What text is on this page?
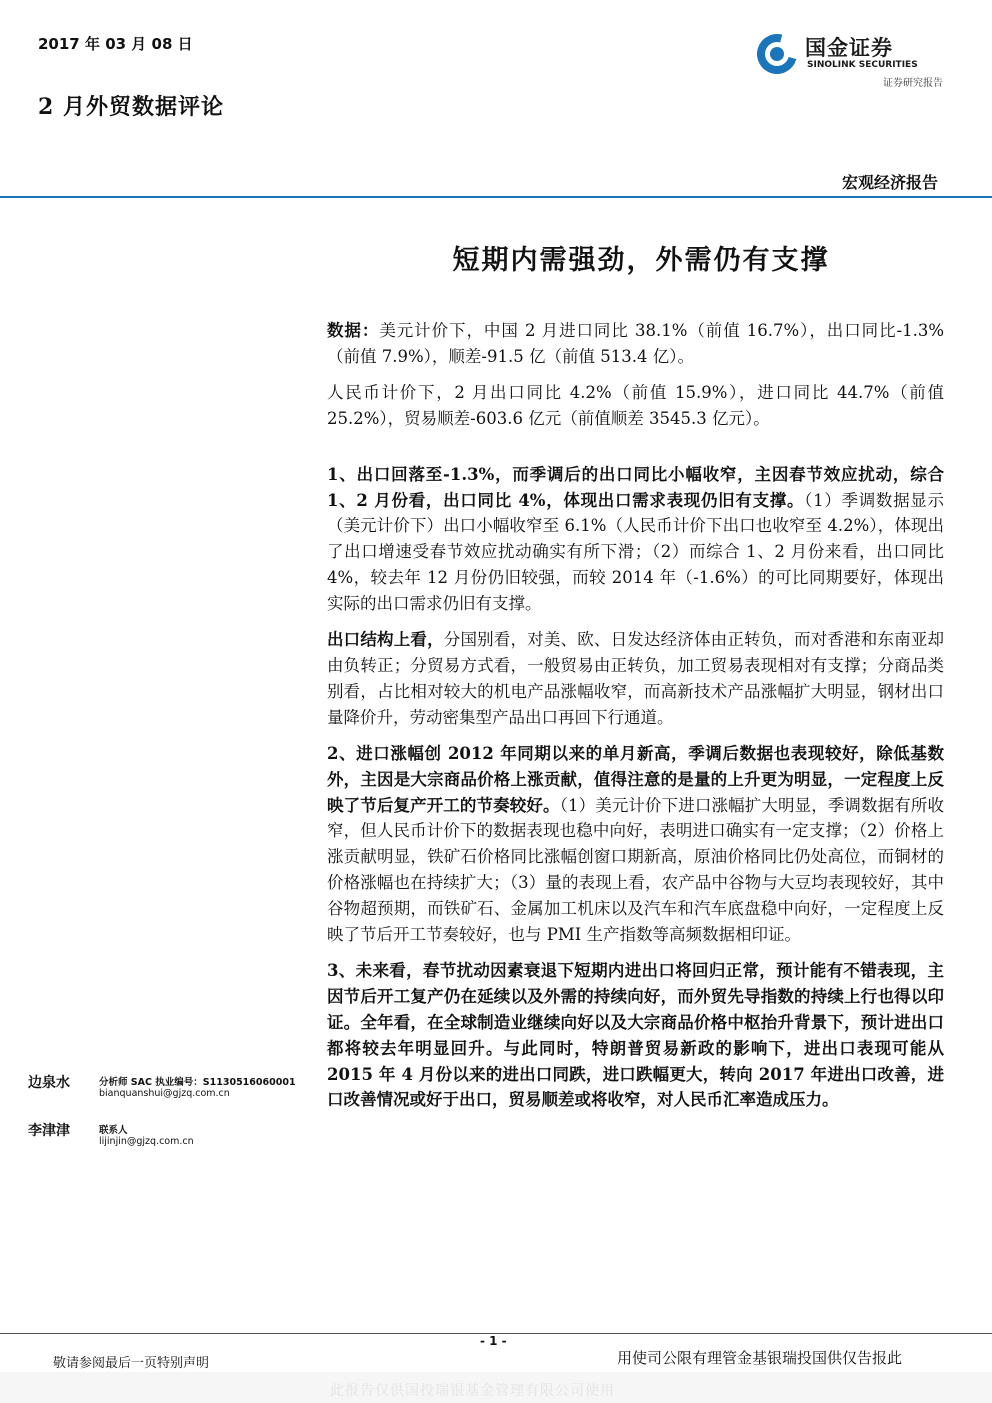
2017 年 03 月 08 日
2 月外贸数据评论
国金证券
SINOLINK SECURITIES
证券研究报告
宏观经济报告
短期内需强劲，外需仍有支撑

数据：美元计价下，中国 2 月进口同比 38.1%（前值 16.7%），出口同比-1.3%（前值 7.9%），顺差-91.5 亿（前值 513.4 亿）。

人民币计价下，2 月出口同比 4.2%（前值 15.9%），进口同比 44.7%（前值 25.2%），贸易顺差-603.6 亿元（前值顺差 3545.3 亿元）。

1、出口回落至-1.3%，而季调后的出口同比小幅收窄，主因春节效应扰动，综合 1、2 月份看，出口同比 4%，体现出口需求表现仍旧有支撑。（1）季调数据显示（美元计价下）出口小幅收窄至 6.1%（人民币计价下出口也收窄至 4.2%），体现出了出口增速受春节效应扰动确实有所下滑；（2）而综合 1、2 月份来看，出口同比 4%，较去年 12 月份仍旧较强，而较 2014 年（-1.6%）的可比同期要好，体现出实际的出口需求仍旧有支撑。

出口结构上看，分国别看，对美、欧、日发达经济体由正转负，而对香港和东南亚却由负转正；分贸易方式看，一般贸易由正转负，加工贸易表现相对有支撑；分商品类别看，占比相对较大的机电产品涨幅收窄，而高新技术产品涨幅扩大明显，钢材出口量降价升，劳动密集型产品出口再回下行通道。

2、进口涨幅创 2012 年同期以来的单月新高，季调后数据也表现较好，除低基数外，主因是大宗商品价格上涨贡献，值得注意的是量的上升更为明显，一定程度上反映了节后复产开工的节奏较好。（1）美元计价下进口涨幅扩大明显，季调数据有所收窄，但人民币计价下的数据表现也稳中向好，表明进口确实有一定支撑；（2）价格上涨贡献明显，铁矿石价格同比涨幅创窗口期新高，原油价格同比仍处高位，而铜材的价格涨幅也在持续扩大；（3）量的表现上看，农产品中谷物与大豆均表现较好，其中谷物超预期，而铁矿石、金属加工机床以及汽车和汽车底盘稳中向好，一定程度上反映了节后开工节奏较好，也与 PMI 生产指数等高频数据相印证。

3、未来看，春节扰动因素衰退下短期内进出口将回归正常，预计能有不错表现，主因节后开工复产仍在延续以及外需的持续向好，而外贸先导指数的持续上行也得以印证。全年看，在全球制造业继续向好以及大宗商品价格中枢抬升背景下，预计进出口都将较去年明显回升。与此同时，特朗普贸易新政的影响下，进出口表现可能从 2015 年 4 月份以来的进出口同跌，进口跌幅更大，转向 2017 年进出口改善，进口改善情况或好于出口，贸易顺差或将收窄，对人民币汇率造成压力。

边泉水	分析师 SAC 执业编号：S1130516060001
bianquanshui@gjzq.com.cn
李津津	联系人
lijinjin@gjzq.com.cn
- 1 -
敬请参阅最后一页特别声明	用使司公限有理管金基银瑞投国供仅告报此
此报告仅供国投瑞银基金管理有限公司使用
